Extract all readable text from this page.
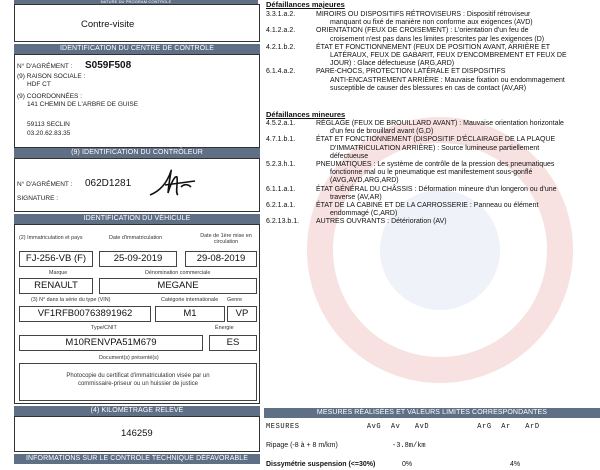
NATURE DU PROGRAM CONTROLE
Contre-visite
IDENTIFICATION DU CENTRE DE CONTRÔLE
N° D'AGRÉMENT : S059F508
(9) RAISON SOCIALE :
HDF CT
(9) COORDONNÉES :
141 CHEMIN DE L'ARBRE DE GUISE
59113 SECLIN
03.20.62.83.35
(9) IDENTIFICATION DU CONTRÔLEUR
N° D'AGRÉMENT : 062D1281
SIGNATURE :
IDENTIFICATION DU VÉHICULE
(2) Immatriculation et pays	Date d'immatriculation	Date de 1ère mise en circulation
FJ-256-VB (F)	25-09-2019	29-08-2019
Marque	Dénomination commerciale
RENAULT	MEGANE
(3) N° dans la série du type (VIN)	Catégorie internationale Genre
VF1RFB00763891962	M1	VP
Type/CNIT	Énergie
M10RENVPA51M679	ES
Document(s) présenté(s)
Photocopie du certificat d'immatriculation visée par un
commissaire-priseur ou un huissier de justice
(4) KILOMÉTRAGE RELEVÉ
146259
INFORMATIONS SUR LE CONTRÔLE TECHNIQUE DÉFAVORABLE
Défaillances majeures
3.3.1.a.2.	MIROIRS OU DISPOSITIFS RÉTROVISEURS : Dispositif rétroviseur
manquant ou fixé de manière non conforme aux exigences (AVD)
4.1.2.a.2.	ORIENTATION (FEUX DE CROISEMENT) : L'orientation d'un feu de
croisement n'est pas dans les limites prescrites par les exigences (D)
4.2.1.b.2.	ÉTAT ET FONCTIONNEMENT (FEUX DE POSITION AVANT, ARRIÈRE ET
LATÉRAUX, FEUX DE GABARIT, FEUX D'ENCOMBREMENT ET FEUX DE
JOUR) : Glace défectueuse (ARG,ARD)
6.1.4.a.2.	PARE-CHOCS, PROTECTION LATÉRALE ET DISPOSITIFS
ANTI-ENCASTREMENT ARRIÈRE : Mauvaise fixation ou endommagement
susceptible de causer des blessures en cas de contact (AV,AR)
Défaillances mineures
4.5.2.a.1.	RÉGLAGE (FEUX DE BROUILLARD AVANT) : Mauvaise orientation horizontale
d'un feu de brouillard avant (G,D)
4.7.1.b.1.	ÉTAT ET FONCTIONNEMENT (DISPOSITIF D'ÉCLAIRAGE DE LA PLAQUE
D'IMMATRICULATION ARRIÈRE) : Source lumineuse partiellement
défectueuse
5.2.3.h.1.	PNEUMATIQUES : Le système de contrôle de la pression des pneumatiques
fonctionne mal ou le pneumatique est manifestement sous-gonflé
(AVG,AVD,ARG,ARD)
6.1.1.a.1.	ÉTAT GÉNÉRAL DU CHÂSSIS : Déformation mineure d'un longeron ou d'une
traverse (AV,AR)
6.2.1.a.1.	ÉTAT DE LA CABINE ET DE LA CARROSSERIE : Panneau ou élément
endommagé (C,ARD)
6.2.13.b.1. AUTRES OUVRANTS : Détérioration (AV)
MESURES RÉALISÉES ET VALEURS LIMITES CORRESPONDANTES
MESURES              AvG  Av   AvD          ArG  Ar   ArD
Ripage (-8 à + 8 m/km)	-3.8m/km
Dissymétrie suspension (<=30%)	0%	4%
